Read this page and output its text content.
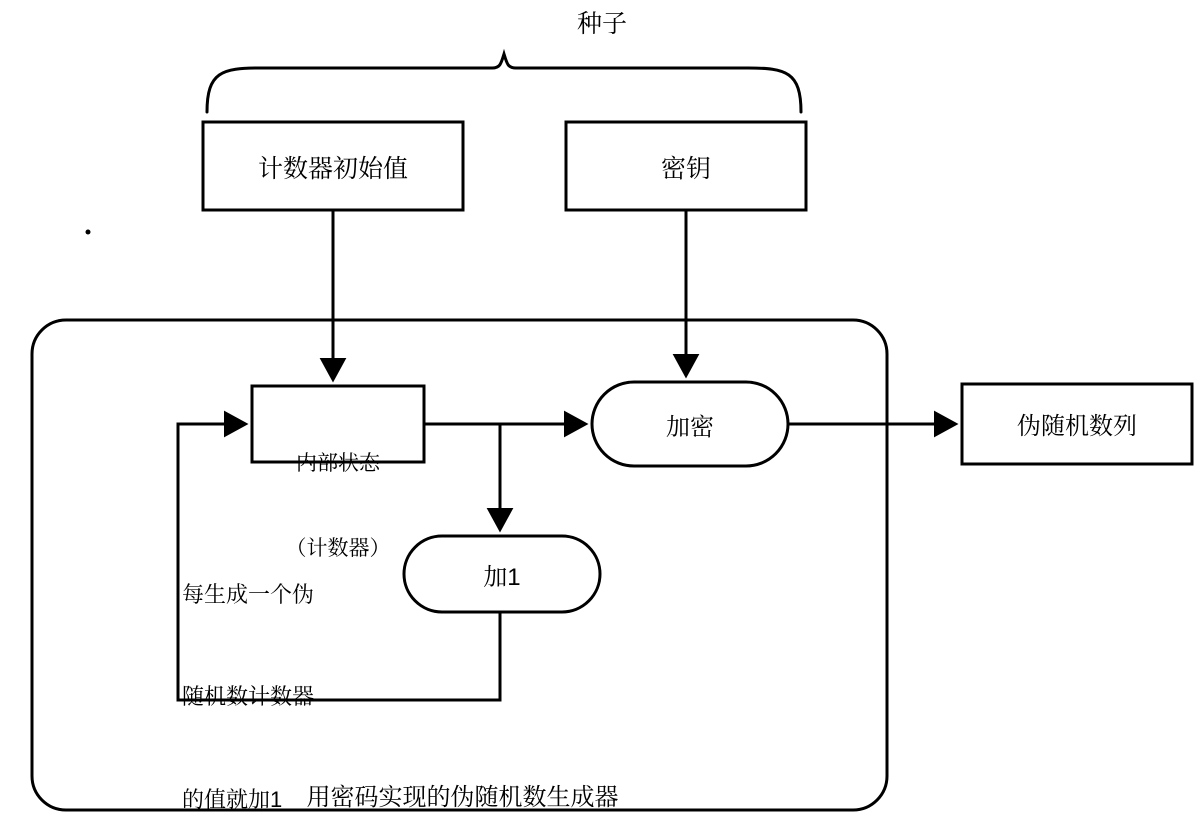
种子
计数器初始值	密钥

内部状态

（计数器）

加密
加1
伪随机数列

每生成一个伪

随机数计数器

的值就加1

	用密码实现的伪随机数生成器
